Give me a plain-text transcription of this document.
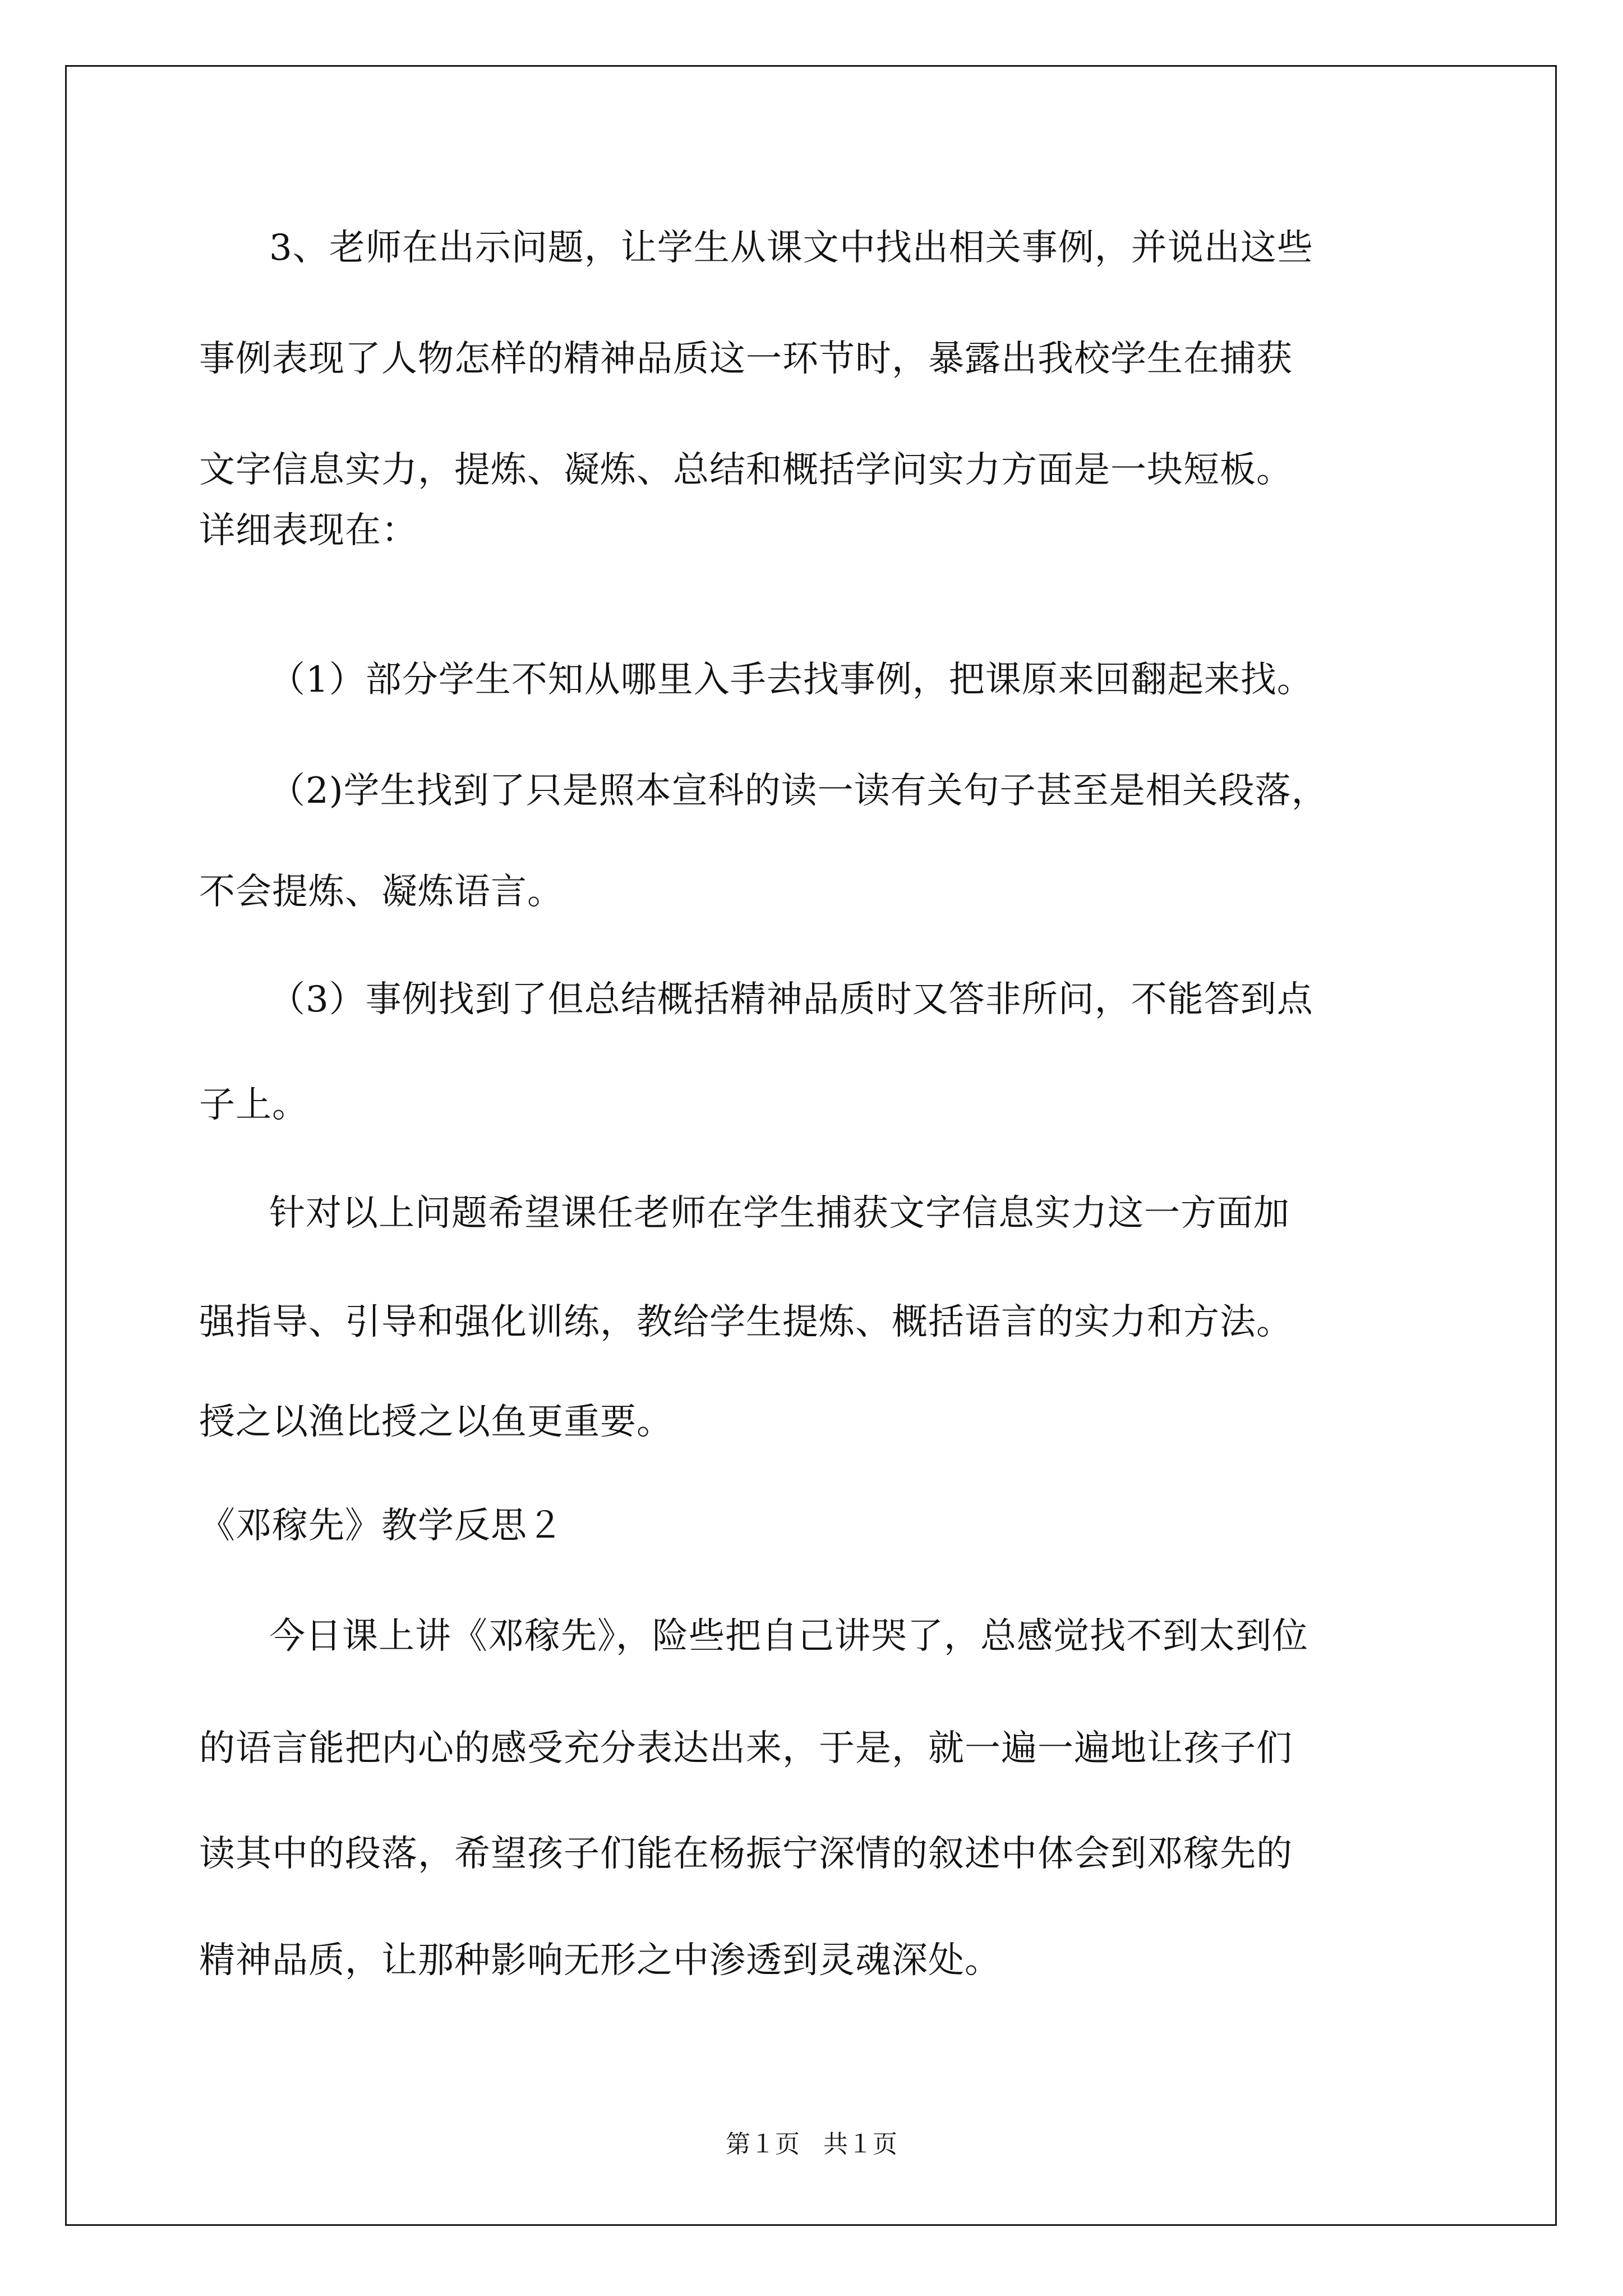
3、老师在出示问题，让学生从课文中找出相关事例，并说出这些
事例表现了人物怎样的精神品质这一环节时，暴露出我校学生在捕获
文字信息实力，提炼、凝炼、总结和概括学问实力方面是一块短板。
详细表现在：
（1）部分学生不知从哪里入手去找事例，把课原来回翻起来找。
（2)学生找到了只是照本宣科的读一读有关句子甚至是相关段落，
不会提炼、凝炼语言。
（3）事例找到了但总结概括精神品质时又答非所问，不能答到点
子上。
针对以上问题希望课任老师在学生捕获文字信息实力这一方面加
强指导、引导和强化训练，教给学生提炼、概括语言的实力和方法。
授之以渔比授之以鱼更重要。
《邓稼先》教学反思２
今日课上讲《邓稼先》，险些把自己讲哭了，总感觉找不到太到位
的语言能把内心的感受充分表达出来，于是，就一遍一遍地让孩子们
读其中的段落，希望孩子们能在杨振宁深情的叙述中体会到邓稼先的
精神品质，让那种影响无形之中渗透到灵魂深处。
第１页   共１页
